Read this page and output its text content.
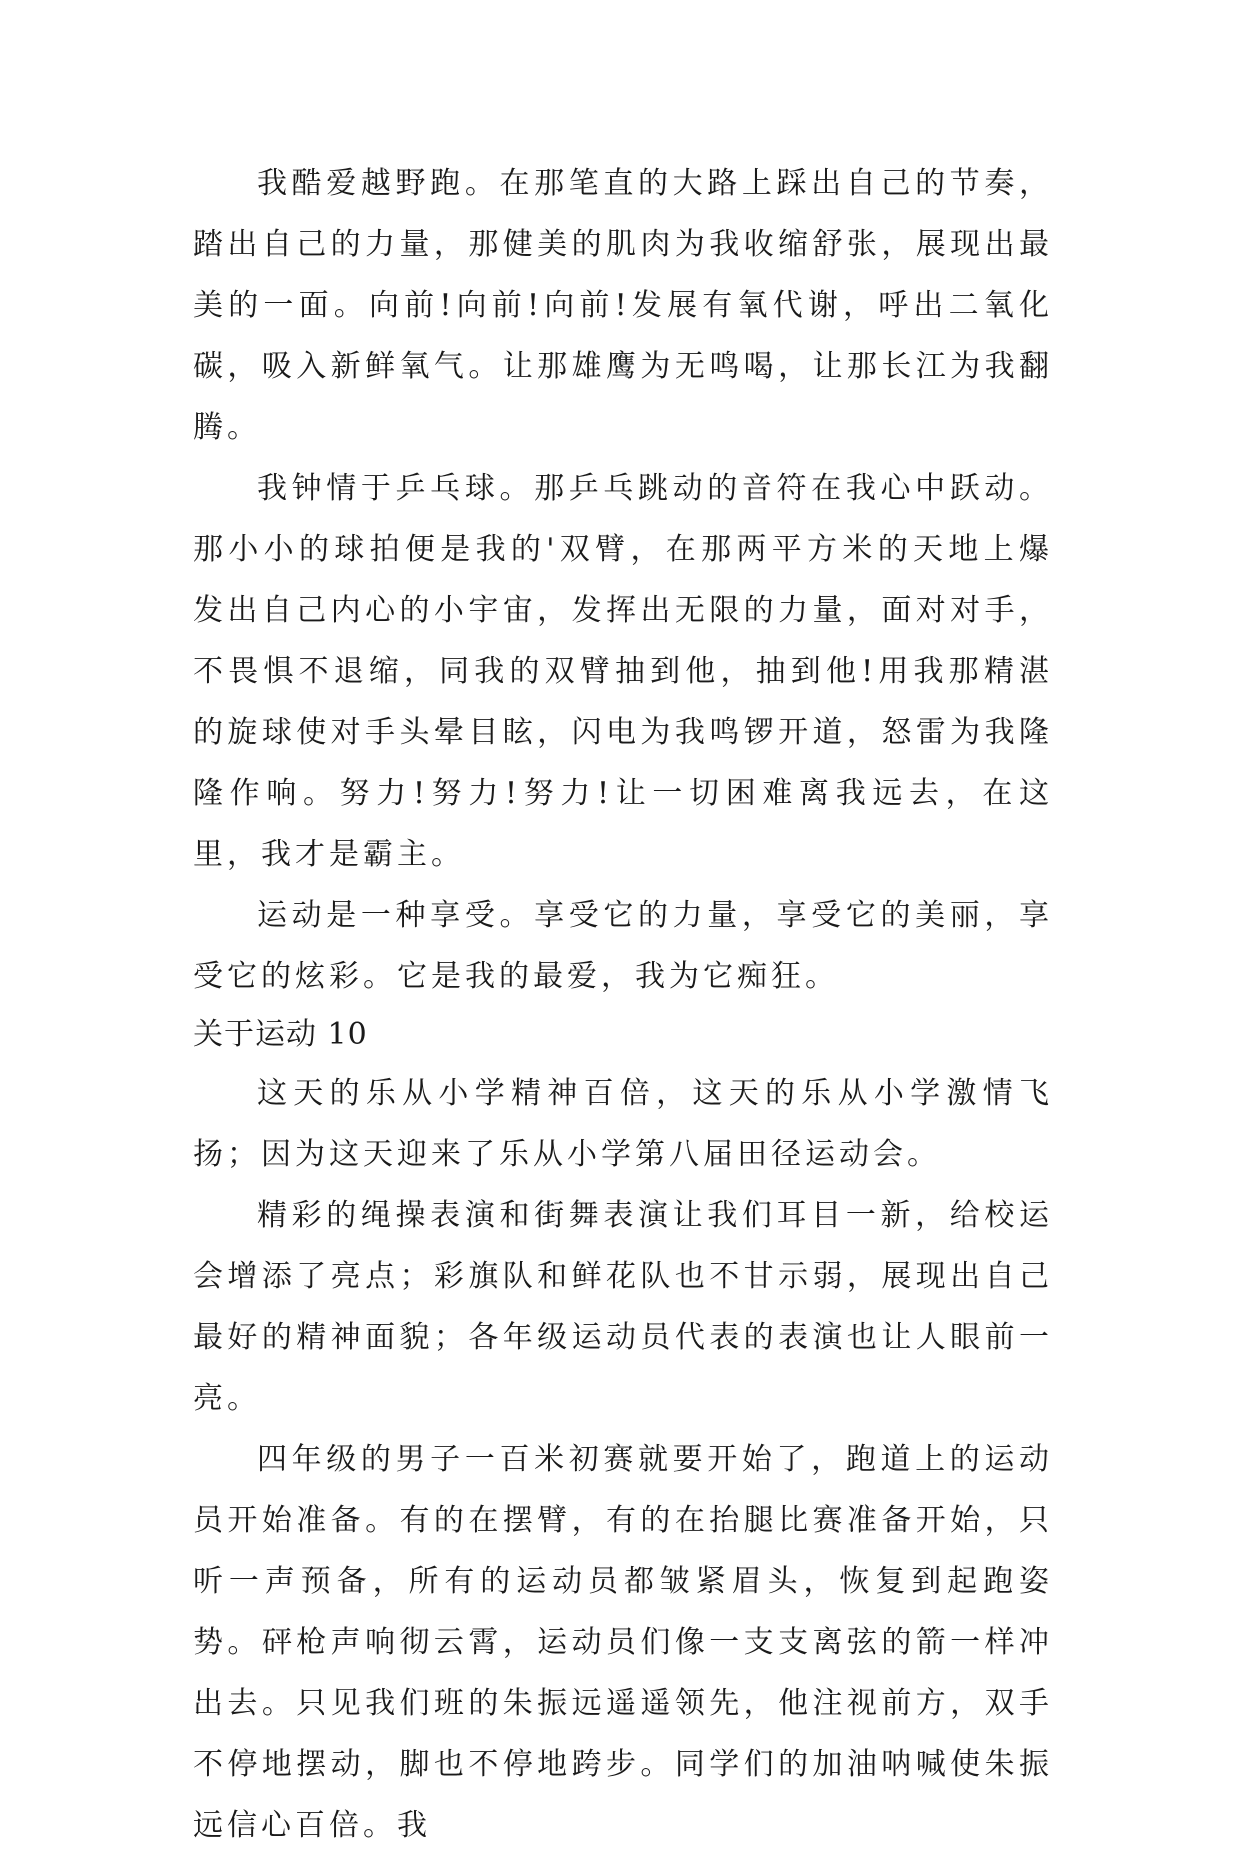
我酷爱越野跑。在那笔直的大路上踩出自己的节奏，踏出自己的力量，那健美的肌肉为我收缩舒张，展现出最美的一面。向前!向前!向前!发展有氧代谢，呼出二氧化碳，吸入新鲜氧气。让那雄鹰为无鸣喝，让那长江为我翻腾。

我钟情于乒乓球。那乒乓跳动的音符在我心中跃动。那小小的球拍便是我的'双臂，在那两平方米的天地上爆发出自己内心的小宇宙，发挥出无限的力量，面对对手，不畏惧不退缩，同我的双臂抽到他，抽到他!用我那精湛的旋球使对手头晕目眩，闪电为我鸣锣开道，怒雷为我隆隆作响。努力!努力!努力!让一切困难离我远去，在这里，我才是霸主。

运动是一种享受。享受它的力量，享受它的美丽，享受它的炫彩。它是我的最爱，我为它痴狂。

关于运动 10

这天的乐从小学精神百倍，这天的乐从小学激情飞扬；因为这天迎来了乐从小学第八届田径运动会。

精彩的绳操表演和街舞表演让我们耳目一新，给校运会增添了亮点；彩旗队和鲜花队也不甘示弱，展现出自己最好的精神面貌；各年级运动员代表的表演也让人眼前一亮。

四年级的男子一百米初赛就要开始了，跑道上的运动员开始准备。有的在摆臂，有的在抬腿比赛准备开始，只听一声预备，所有的运动员都皱紧眉头，恢复到起跑姿势。砰枪声响彻云霄，运动员们像一支支离弦的箭一样冲出去。只见我们班的朱振远遥遥领先，他注视前方，双手不停地摆动，脚也不停地跨步。同学们的加油呐喊使朱振远信心百倍。我
